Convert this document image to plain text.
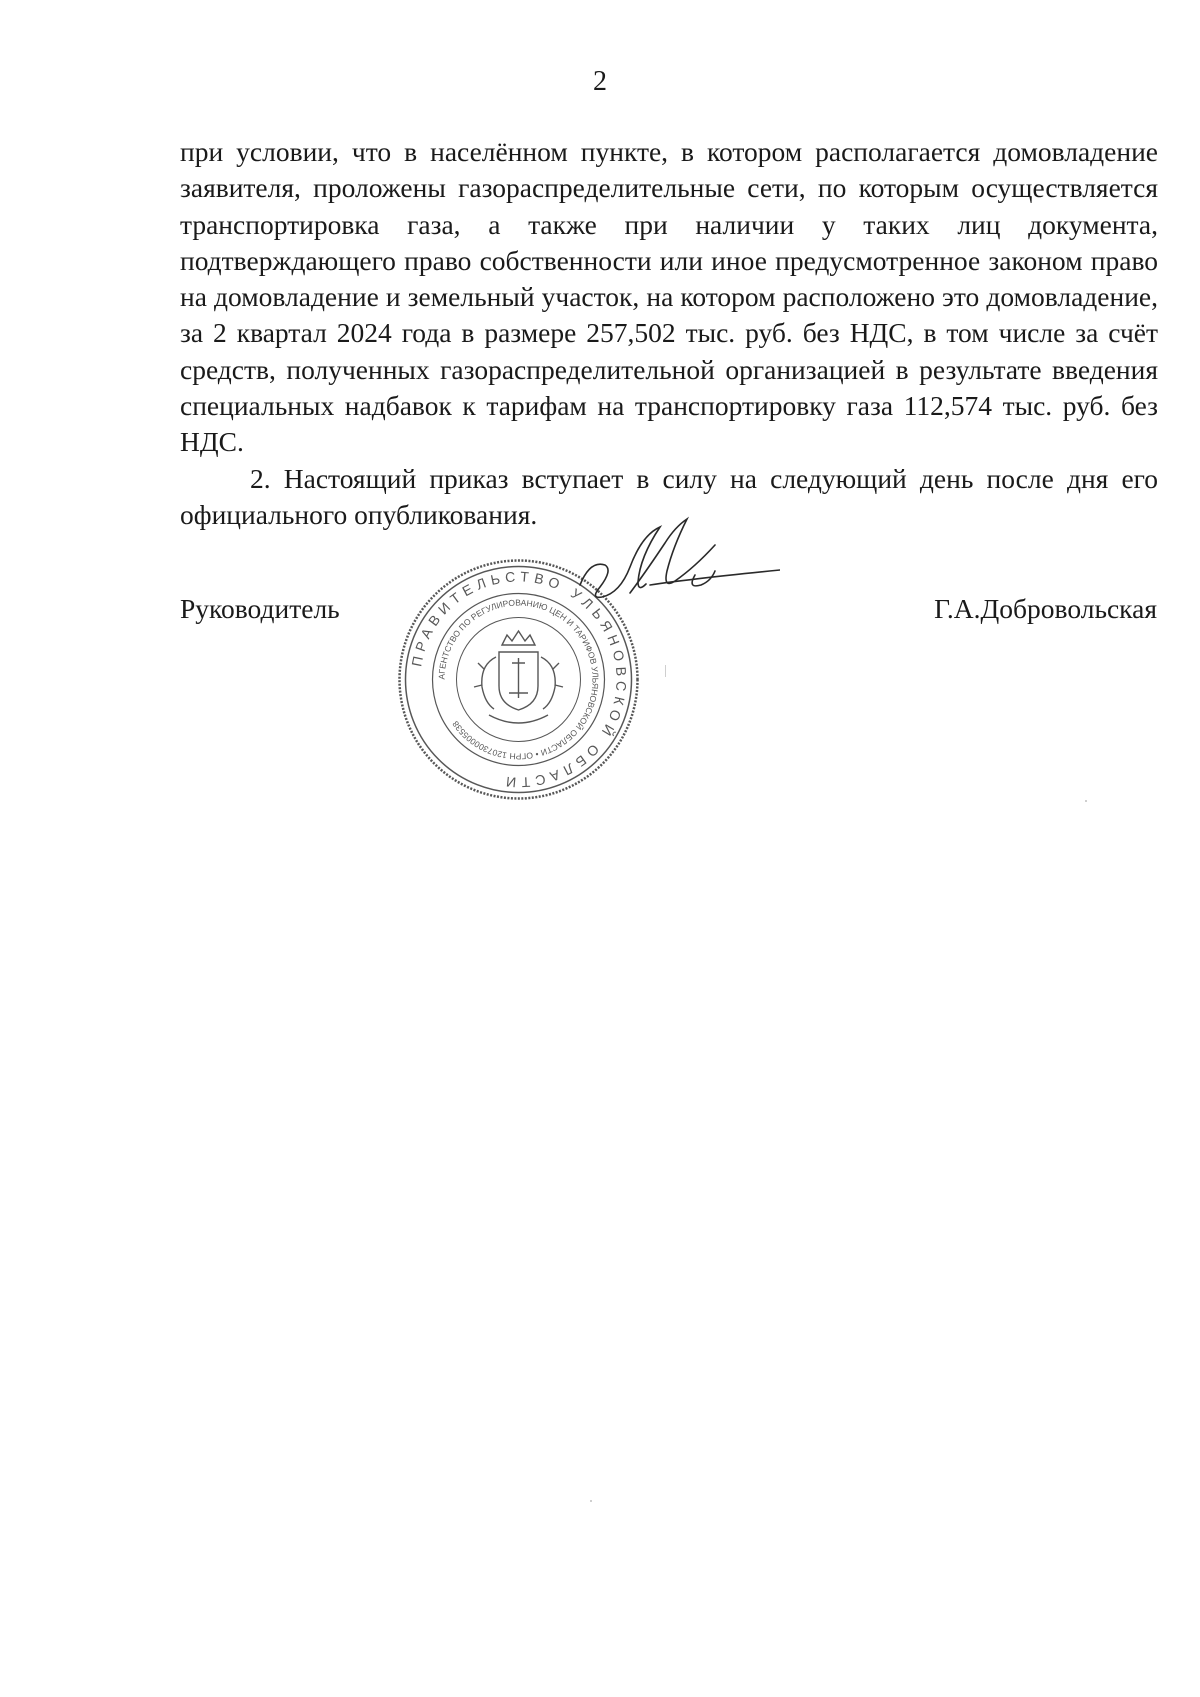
2

при условии, что в населённом пункте, в котором располагается домовладение заявителя, проложены газораспределительные сети, по которым осуществляется транспортировка газа, а также при наличии у таких лиц документа, подтверждающего право собственности или иное предусмотренное законом право на домовладение и земельный участок, на котором расположено это домовладение, за 2 квартал 2024 года в размере 257,502 тыс. руб. без НДС, в том числе за счёт средств, полученных газораспределительной организацией в результате введения специальных надбавок к тарифам на транспортировку газа 112,574 тыс. руб. без НДС.

2. Настоящий приказ вступает в силу на следующий день после дня его официального опубликования.

Руководитель	Г.А.Добровольская
ПРАВИТЕЛЬСТВО УЛЬЯНОВСКОЙ ОБЛАСТИ
АГЕНТСТВО ПО РЕГУЛИРОВАНИЮ ЦЕН И ТАРИФОВ УЛЬЯНОВСКОЙ ОБЛАСТИ • ОГРН 1207300005538
